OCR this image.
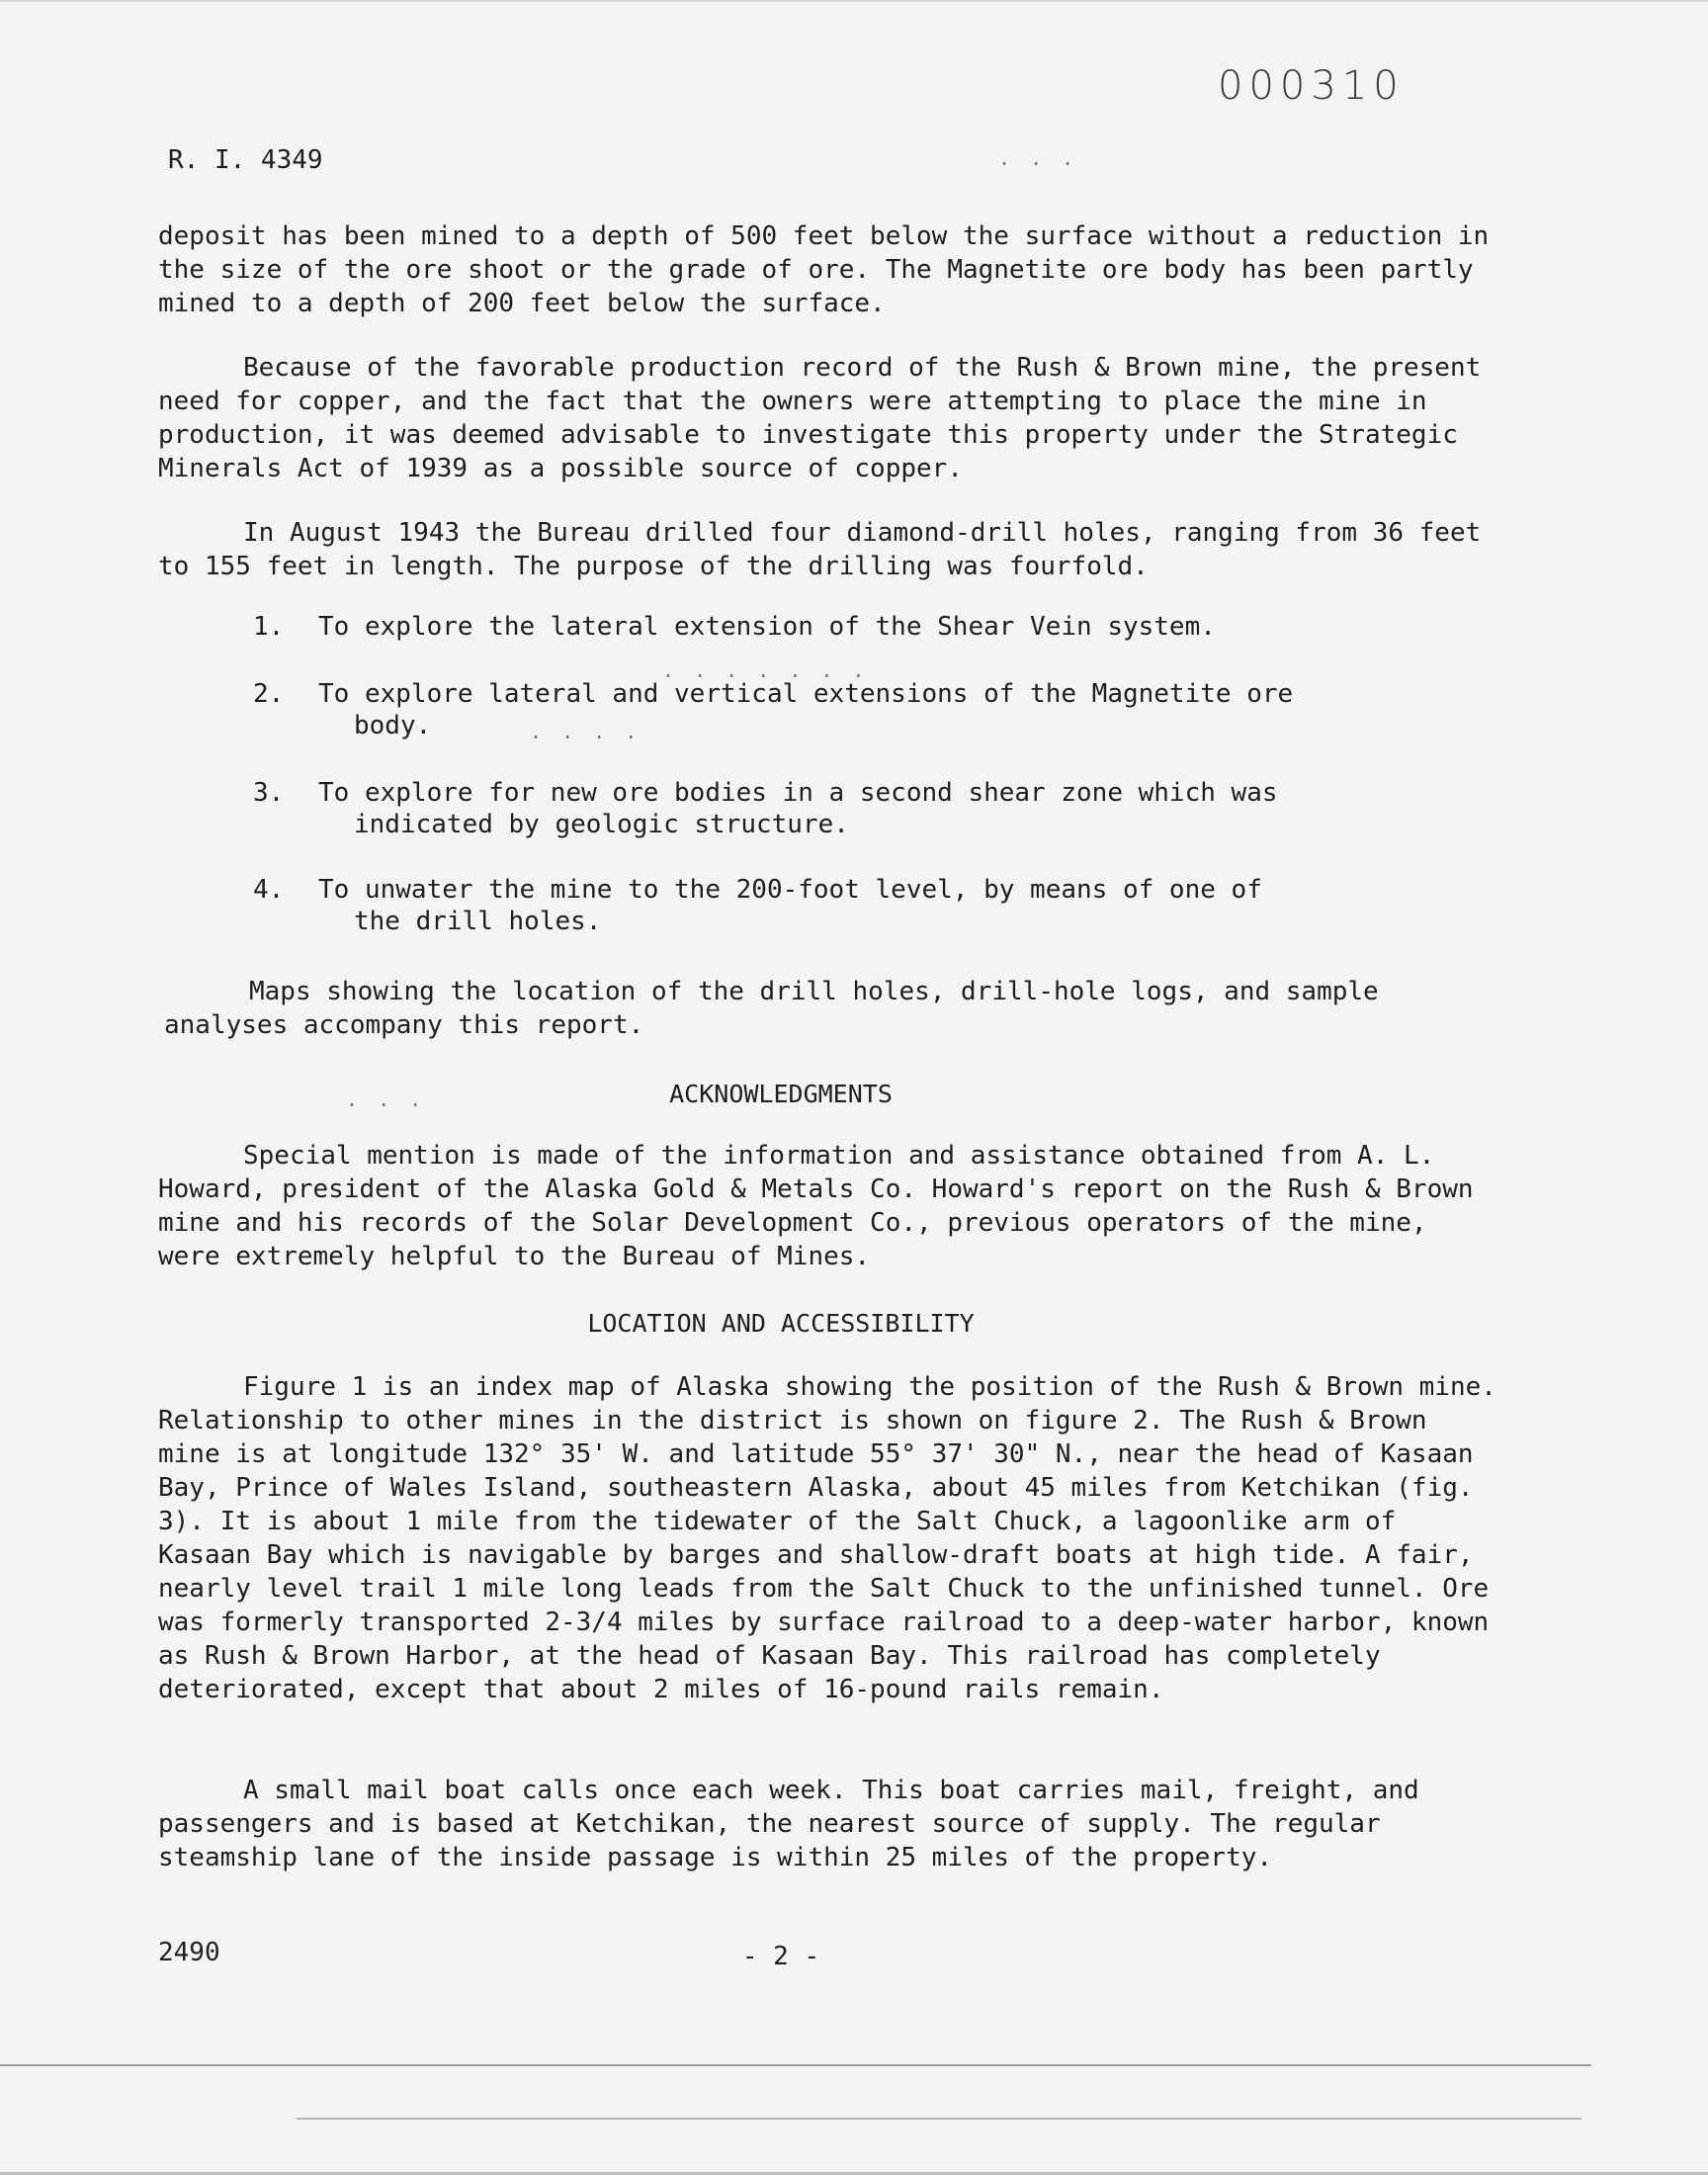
000310
R. I. 4349

deposit has been mined to a depth of 500 feet below the surface without a reduction in the size of the ore shoot or the grade of ore. The Magnetite ore body has been partly mined to a depth of 200 feet below the surface.

Because of the favorable production record of the Rush & Brown mine, the present need for copper, and the fact that the owners were attempting to place the mine in production, it was deemed advisable to investigate this property under the Strategic Minerals Act of 1939 as a possible source of copper.

In August 1943 the Bureau drilled four diamond-drill holes, ranging from 36 feet to 155 feet in length. The purpose of the drilling was fourfold.

1. To explore the lateral extension of the Shear Vein system.
2. To explore lateral and vertical extensions of the Magnetite ore
body.
3. To explore for new ore bodies in a second shear zone which was
indicated by geologic structure.
4. To unwater the mine to the 200-foot level, by means of one of
the drill holes.

Maps showing the location of the drill holes, drill-hole logs, and sample analyses accompany this report.

ACKNOWLEDGMENTS

Special mention is made of the information and assistance obtained from A. L. Howard, president of the Alaska Gold & Metals Co. Howard's report on the Rush & Brown mine and his records of the Solar Development Co., previous operators of the mine, were extremely helpful to the Bureau of Mines.

LOCATION AND ACCESSIBILITY

Figure 1 is an index map of Alaska showing the position of the Rush & Brown mine. Relationship to other mines in the district is shown on figure 2. The Rush & Brown mine is at longitude 132° 35' W. and latitude 55° 37' 30" N., near the head of Kasaan Bay, Prince of Wales Island, southeastern Alaska, about 45 miles from Ketchikan (fig. 3). It is about 1 mile from the tidewater of the Salt Chuck, a lagoonlike arm of Kasaan Bay which is navigable by barges and shallow-draft boats at high tide. A fair, nearly level trail 1 mile long leads from the Salt Chuck to the unfinished tunnel. Ore was formerly transported 2-3/4 miles by surface railroad to a deep-water harbor, known as Rush & Brown Harbor, at the head of Kasaan Bay. This railroad has completely deteriorated, except that about 2 miles of 16-pound rails remain.

A small mail boat calls once each week. This boat carries mail, freight, and passengers and is based at Ketchikan, the nearest source of supply. The regular steamship lane of the inside passage is within 25 miles of the property.

2490	- 2 -
. . .
. . . . . . .
. . . .
. . .
